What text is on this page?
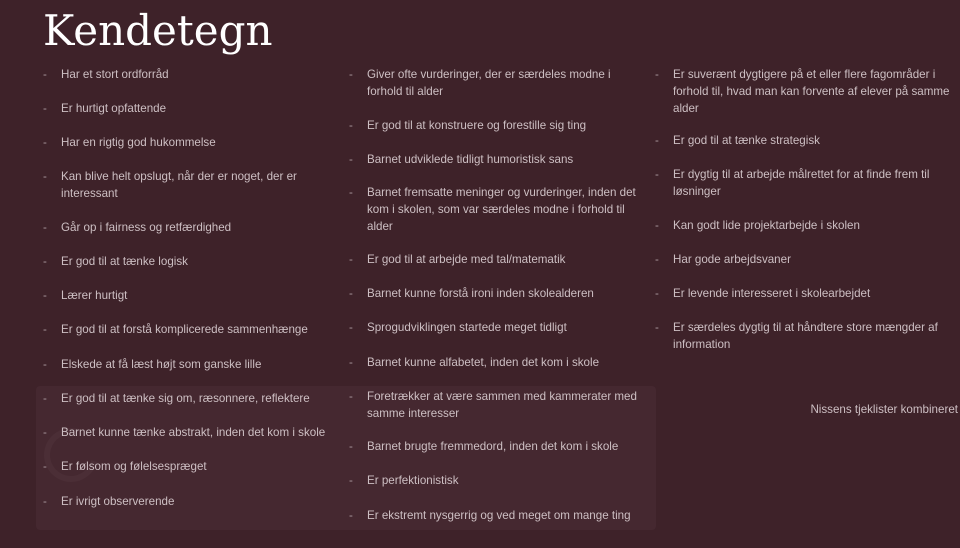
Kendetegn
- Har et stort ordforråd
- Er hurtigt opfattende
- Har en rigtig god hukommelse
- Kan blive helt opslugt, når der er noget, der er interessant
- Går op i fairness og retfærdighed
- Er god til at tænke logisk
- Lærer hurtigt
- Er god til at forstå komplicerede sammenhænge
- Elskede at få læst højt som ganske lille
- Er god til at tænke sig om, ræsonnere, reflektere
- Barnet kunne tænke abstrakt, inden det kom i skole
- Er følsom og følelsespræget
- Er ivrigt observerende
- Giver ofte vurderinger, der er særdeles modne i forhold til alder
- Er god til at konstruere og forestille sig ting
- Barnet udviklede tidligt humoristisk sans
- Barnet fremsatte meninger og vurderinger, inden det kom i skolen, som var særdeles modne i forhold til alder
- Er god til at arbejde med tal/matematik
- Barnet kunne forstå ironi inden skolealderen
- Sprogudviklingen startede meget tidligt
- Barnet kunne alfabetet, inden det kom i skole
- Foretrækker at være sammen med kammerater med samme interesser
- Barnet brugte fremmedord, inden det kom i skole
- Er perfektionistisk
- Er ekstremt nysgerrig og ved meget om mange ting
- Er suverænt dygtigere på et eller flere fagområder i forhold til, hvad man kan forvente af elever på samme alder
- Er god til at tænke strategisk
- Er dygtig til at arbejde målrettet for at finde frem til løsninger
- Kan godt lide projektarbejde i skolen
- Har gode arbejdsvaner
- Er levende interesseret i skolearbejdet
- Er særdeles dygtig til at håndtere store mængder af information
Nissens tjeklister kombineret
